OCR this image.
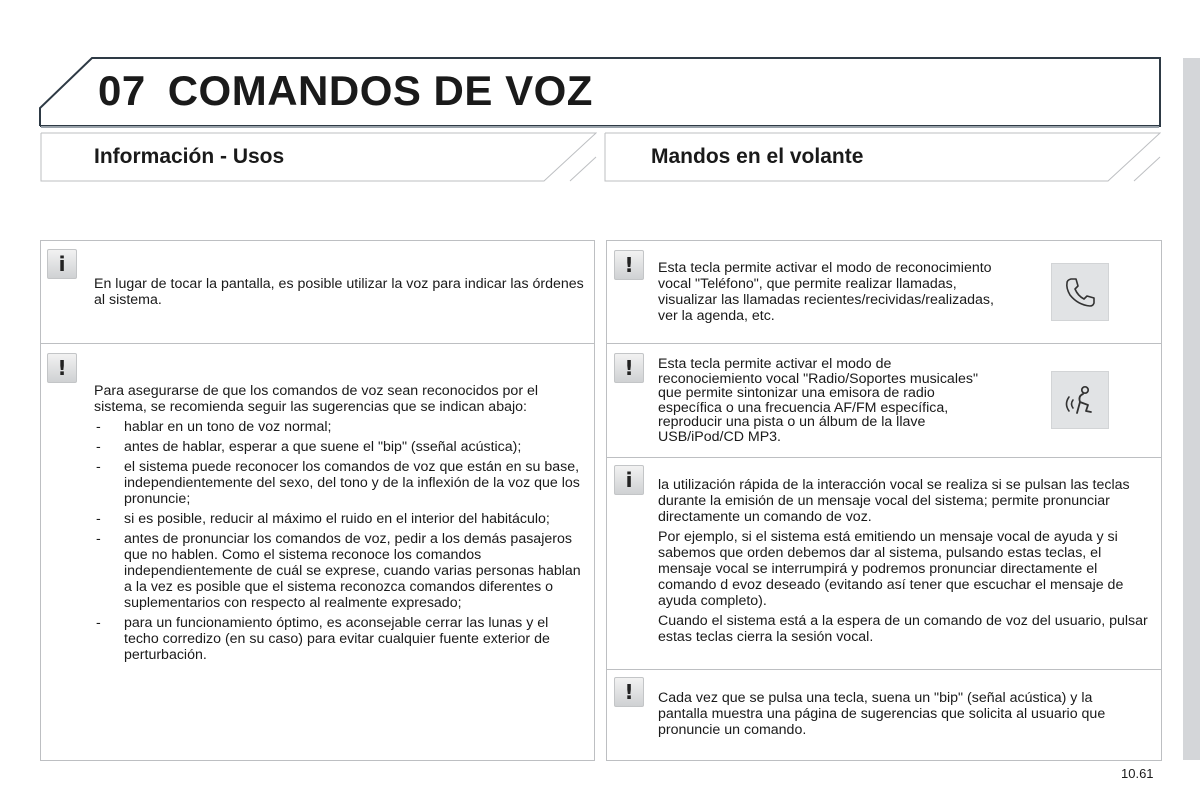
07 COMANDOS DE VOZ
Información - Usos	Mandos en el volante
i
En lugar de tocar la pantalla, es posible utilizar la voz para indicar las órdenes al sistema.
!

Para asegurarse de que los comandos de voz sean reconocidos por el sistema, se recomienda seguir las sugerencias que se indican abajo:

- hablar en un tono de voz normal;
- antes de hablar, esperar a que suene el "bip" (sseñal acústica);
- el sistema puede reconocer los comandos de voz que están en su base, independientemente del sexo, del tono y de la inflexión de la voz que los pronuncie;
- si es posible, reducir al máximo el ruido en el interior del habitáculo;
- antes de pronunciar los comandos de voz, pedir a los demás pasajeros que no hablen. Como el sistema reconoce los comandos independientemente de cuál se exprese, cuando varias personas hablan a la vez es posible que el sistema reconozca comandos diferentes o suplementarios con respecto al realmente expresado;
- para un funcionamiento óptimo, es aconsejable cerrar las lunas y el techo corredizo (en su caso) para evitar cualquier fuente exterior de perturbación.
!	Esta tecla permite activar el modo de reconocimiento vocal "Teléfono", que permite realizar llamadas, visualizar las llamadas recientes/recividas/realizadas, ver la agenda, etc.
!	Esta tecla permite activar el modo de reconociemiento vocal "Radio/Soportes musicales" que permite sintonizar una emisora de radio específica o una frecuencia AF/FM específica, reproducir una pista o un álbum de la llave USB/iPod/CD MP3.
i	la utilización rápida de la interacción vocal se realiza si se pulsan las teclas durante la emisión de un mensaje vocal del sistema; permite pronunciar directamente un comando de voz.

Por ejemplo, si el sistema está emitiendo un mensaje vocal de ayuda y si sabemos que orden debemos dar al sistema, pulsando estas teclas, el mensaje vocal se interrumpirá y podremos pronunciar directamente el comando d evoz deseado (evitando así tener que escuchar el mensaje de ayuda completo).

Cuando el sistema está a la espera de un comando de voz del usuario, pulsar estas teclas cierra la sesión vocal.

!	Cada vez que se pulsa una tecla, suena un "bip" (señal acústica) y la pantalla muestra una página de sugerencias que solicita al usuario que pronuncie un comando.
10.61
